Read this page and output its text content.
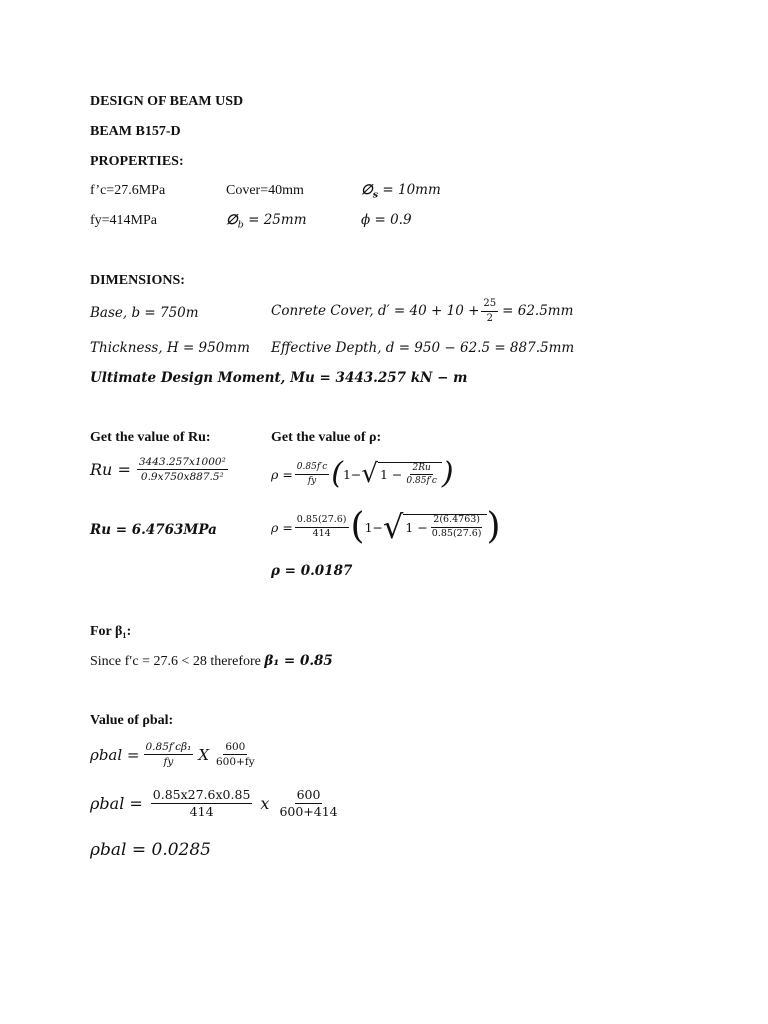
DESIGN OF BEAM USD
BEAM B157-D
PROPERTIES:
f’c=27.6MPa	Cover=40mm	$\emptyset_s = 10mm$
fy=414MPa	$\emptyset_b = 25mm$	ϕ = 0.9
DIMENSIONS:
Base, b = 750m	Conrete Cover, $d' = 40 + 10 + \frac{25}{2} = 62.5mm$
Thickness, H = 950mm Effective Depth, d = 950 − 62.5 = 887.5mm
Ultimate Design Moment, Mu = 3443.257 kN − m
Get the value of Ru:
$Ru = \frac{\text{3443.257x1000²}}{\text{0.9x750x887.5²}}$
Ru = 6.4763MPa
Get the value of ρ:
$\rho = \frac{0.85f'c}{fy}$ ( 1− √ $1 - \frac{2Ru}{0.85f'c}$ )
$\rho = \frac{0.85(27.6)}{414}$ ( 1− √ $1 - \frac{2(6.4763)}{0.85(27.6)}$ )
ρ = 0.0187
For β₁:
Since f′c = 27.6 < 28 therefore β₁ = 0.85
Value of ρbal:
$\rho bal = \frac{\text{0.85f′cβ₁}}{fy}$ X $\frac{600}{600+fy}$
$\rho bal = \frac{0.85x27.6x0.85}{414}$ x $\frac{600}{600+414}$
ρbal = 0.0285
